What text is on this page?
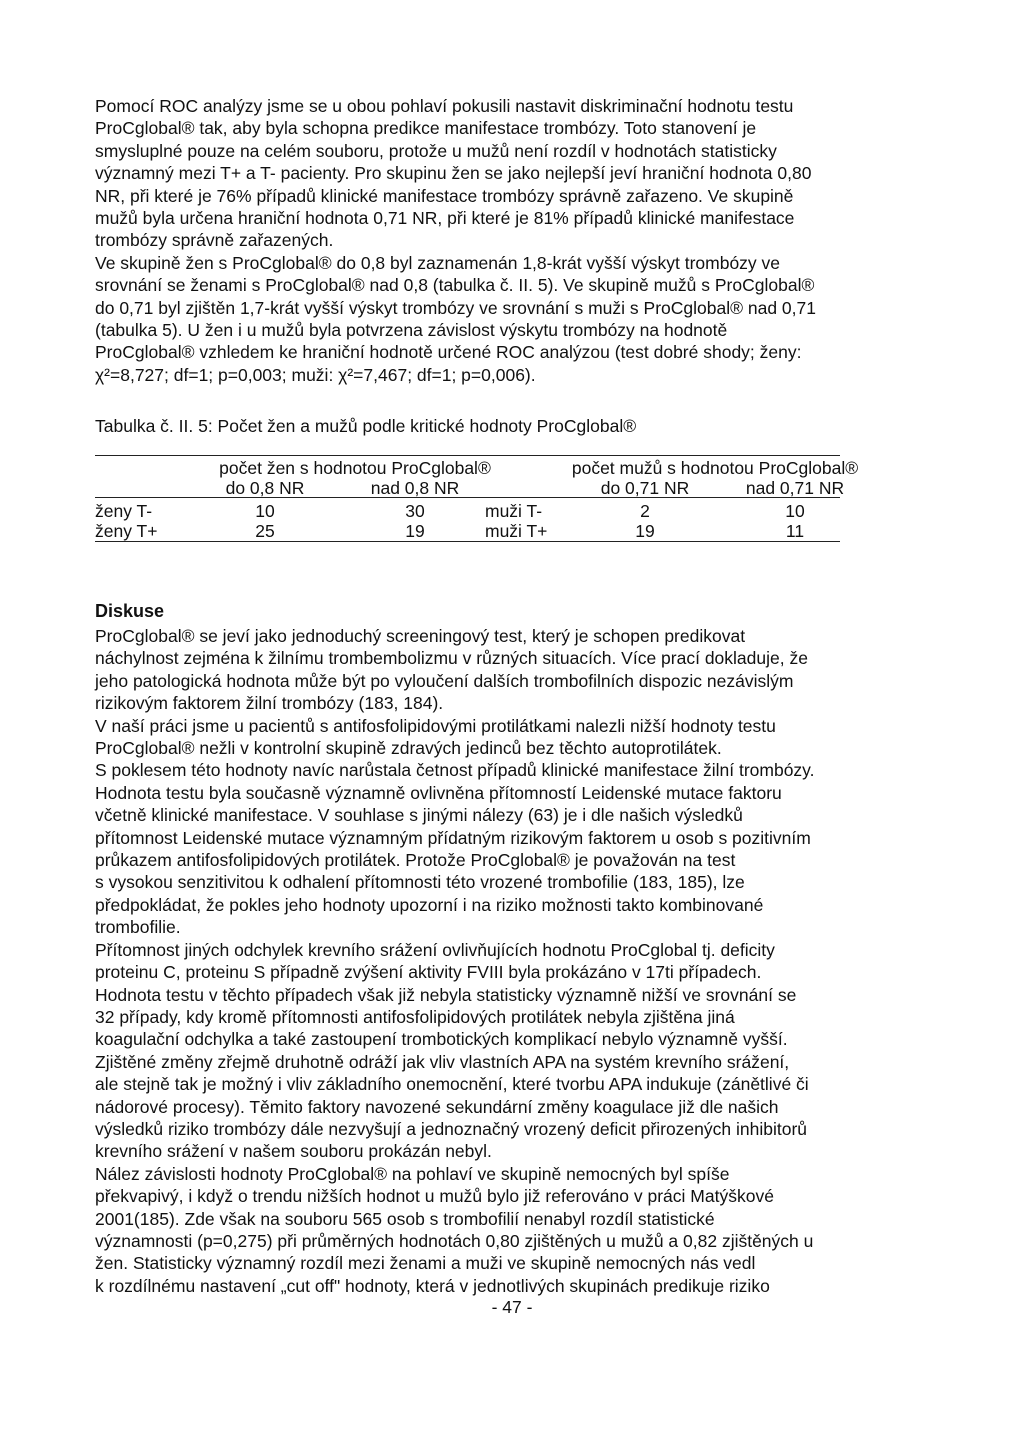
Pomocí ROC analýzy jsme se u obou pohlaví pokusili nastavit diskriminační hodnotu testu

ProCglobal® tak, aby byla schopna predikce manifestace trombózy. Toto stanovení je

smysluplné pouze na celém souboru, protože u mužů není rozdíl v hodnotách statisticky

významný mezi T+ a T- pacienty. Pro skupinu žen se jako nejlepší jeví hraniční hodnota 0,80

NR, při které je 76% případů klinické manifestace trombózy správně zařazeno. Ve skupině

mužů byla určena hraniční hodnota 0,71 NR, při které je 81% případů klinické manifestace

trombózy správně zařazených.

Ve skupině žen s ProCglobal® do 0,8 byl zaznamenán 1,8-krát vyšší výskyt trombózy ve

srovnání se ženami s ProCglobal® nad 0,8 (tabulka č. II. 5). Ve skupině mužů s ProCglobal®

do 0,71 byl zjištěn 1,7-krát vyšší výskyt trombózy ve srovnání s muži s ProCglobal® nad 0,71

(tabulka 5). U žen i u mužů byla potvrzena závislost výskytu trombózy na hodnotě

ProCglobal® vzhledem ke hraniční hodnotě určené ROC analýzou (test dobré shody; ženy:

χ²=8,727; df=1; p=0,003; muži: χ²=7,467; df=1; p=0,006).

Tabulka č. II. 5: Počet žen a mužů podle kritické hodnoty ProCglobal®
počet žen s hodnotou ProCglobal®	počet mužů s hodnotou ProCglobal®
do 0,8 NR	nad 0,8 NR	do 0,71 NR	nad 0,71 NR
ženy T-	10	30	muži T-	2	10
ženy T+	25	19	muži T+	19	11
Diskuse

ProCglobal® se jeví jako jednoduchý screeningový test, který je schopen predikovat

náchylnost zejména k žilnímu trombembolizmu v různých situacích. Více prací dokladuje, že

jeho patologická hodnota může být po vyloučení dalších trombofilních dispozic nezávislým

rizikovým faktorem žilní trombózy (183, 184).

V naší práci jsme u pacientů s antifosfolipidovými protilátkami nalezli nižší hodnoty testu

ProCglobal® nežli v kontrolní skupině zdravých jedinců bez těchto autoprotilátek.

S poklesem této hodnoty navíc narůstala četnost případů klinické manifestace žilní trombózy.

Hodnota testu byla současně významně ovlivněna přítomností Leidenské mutace faktoru

včetně klinické manifestace. V souhlase s jinými nálezy (63) je i dle našich výsledků

přítomnost Leidenské mutace významným přídatným rizikovým faktorem u osob s pozitivním

průkazem antifosfolipidových protilátek. Protože ProCglobal® je považován na test

s vysokou senzitivitou k odhalení přítomnosti této vrozené trombofilie (183, 185), lze

předpokládat, že pokles jeho hodnoty upozorní i na riziko možnosti takto kombinované

trombofilie.

Přítomnost jiných odchylek krevního srážení ovlivňujících hodnotu ProCglobal tj. deficity

proteinu C, proteinu S případně zvýšení aktivity FVIII byla prokázáno v 17ti případech.

Hodnota testu v těchto případech však již nebyla statisticky významně nižší ve srovnání se

32 případy, kdy kromě přítomnosti antifosfolipidových protilátek nebyla zjištěna jiná

koagulační odchylka a také zastoupení trombotických komplikací nebylo významně vyšší.

Zjištěné změny zřejmě druhotně odráží jak vliv vlastních APA na systém krevního srážení,

ale stejně tak je možný i vliv základního onemocnění, které tvorbu APA indukuje (zánětlivé či

nádorové procesy). Těmito faktory navozené sekundární změny koagulace již dle našich

výsledků riziko trombózy dále nezvyšují a jednoznačný vrozený deficit přirozených inhibitorů

krevního srážení v našem souboru prokázán nebyl.

Nález závislosti hodnoty ProCglobal® na pohlaví ve skupině nemocných byl spíše

překvapivý, i když o trendu nižších hodnot u mužů bylo již referováno v práci Matýškové

2001(185). Zde však na souboru 565 osob s trombofilií nenabyl rozdíl statistické

významnosti (p=0,275) při průměrných hodnotách 0,80 zjištěných u mužů a 0,82 zjištěných u

žen. Statisticky významný rozdíl mezi ženami a muži ve skupině nemocných nás vedl

k rozdílnému nastavení „cut off" hodnoty, která v jednotlivých skupinách predikuje riziko

- 47 -
